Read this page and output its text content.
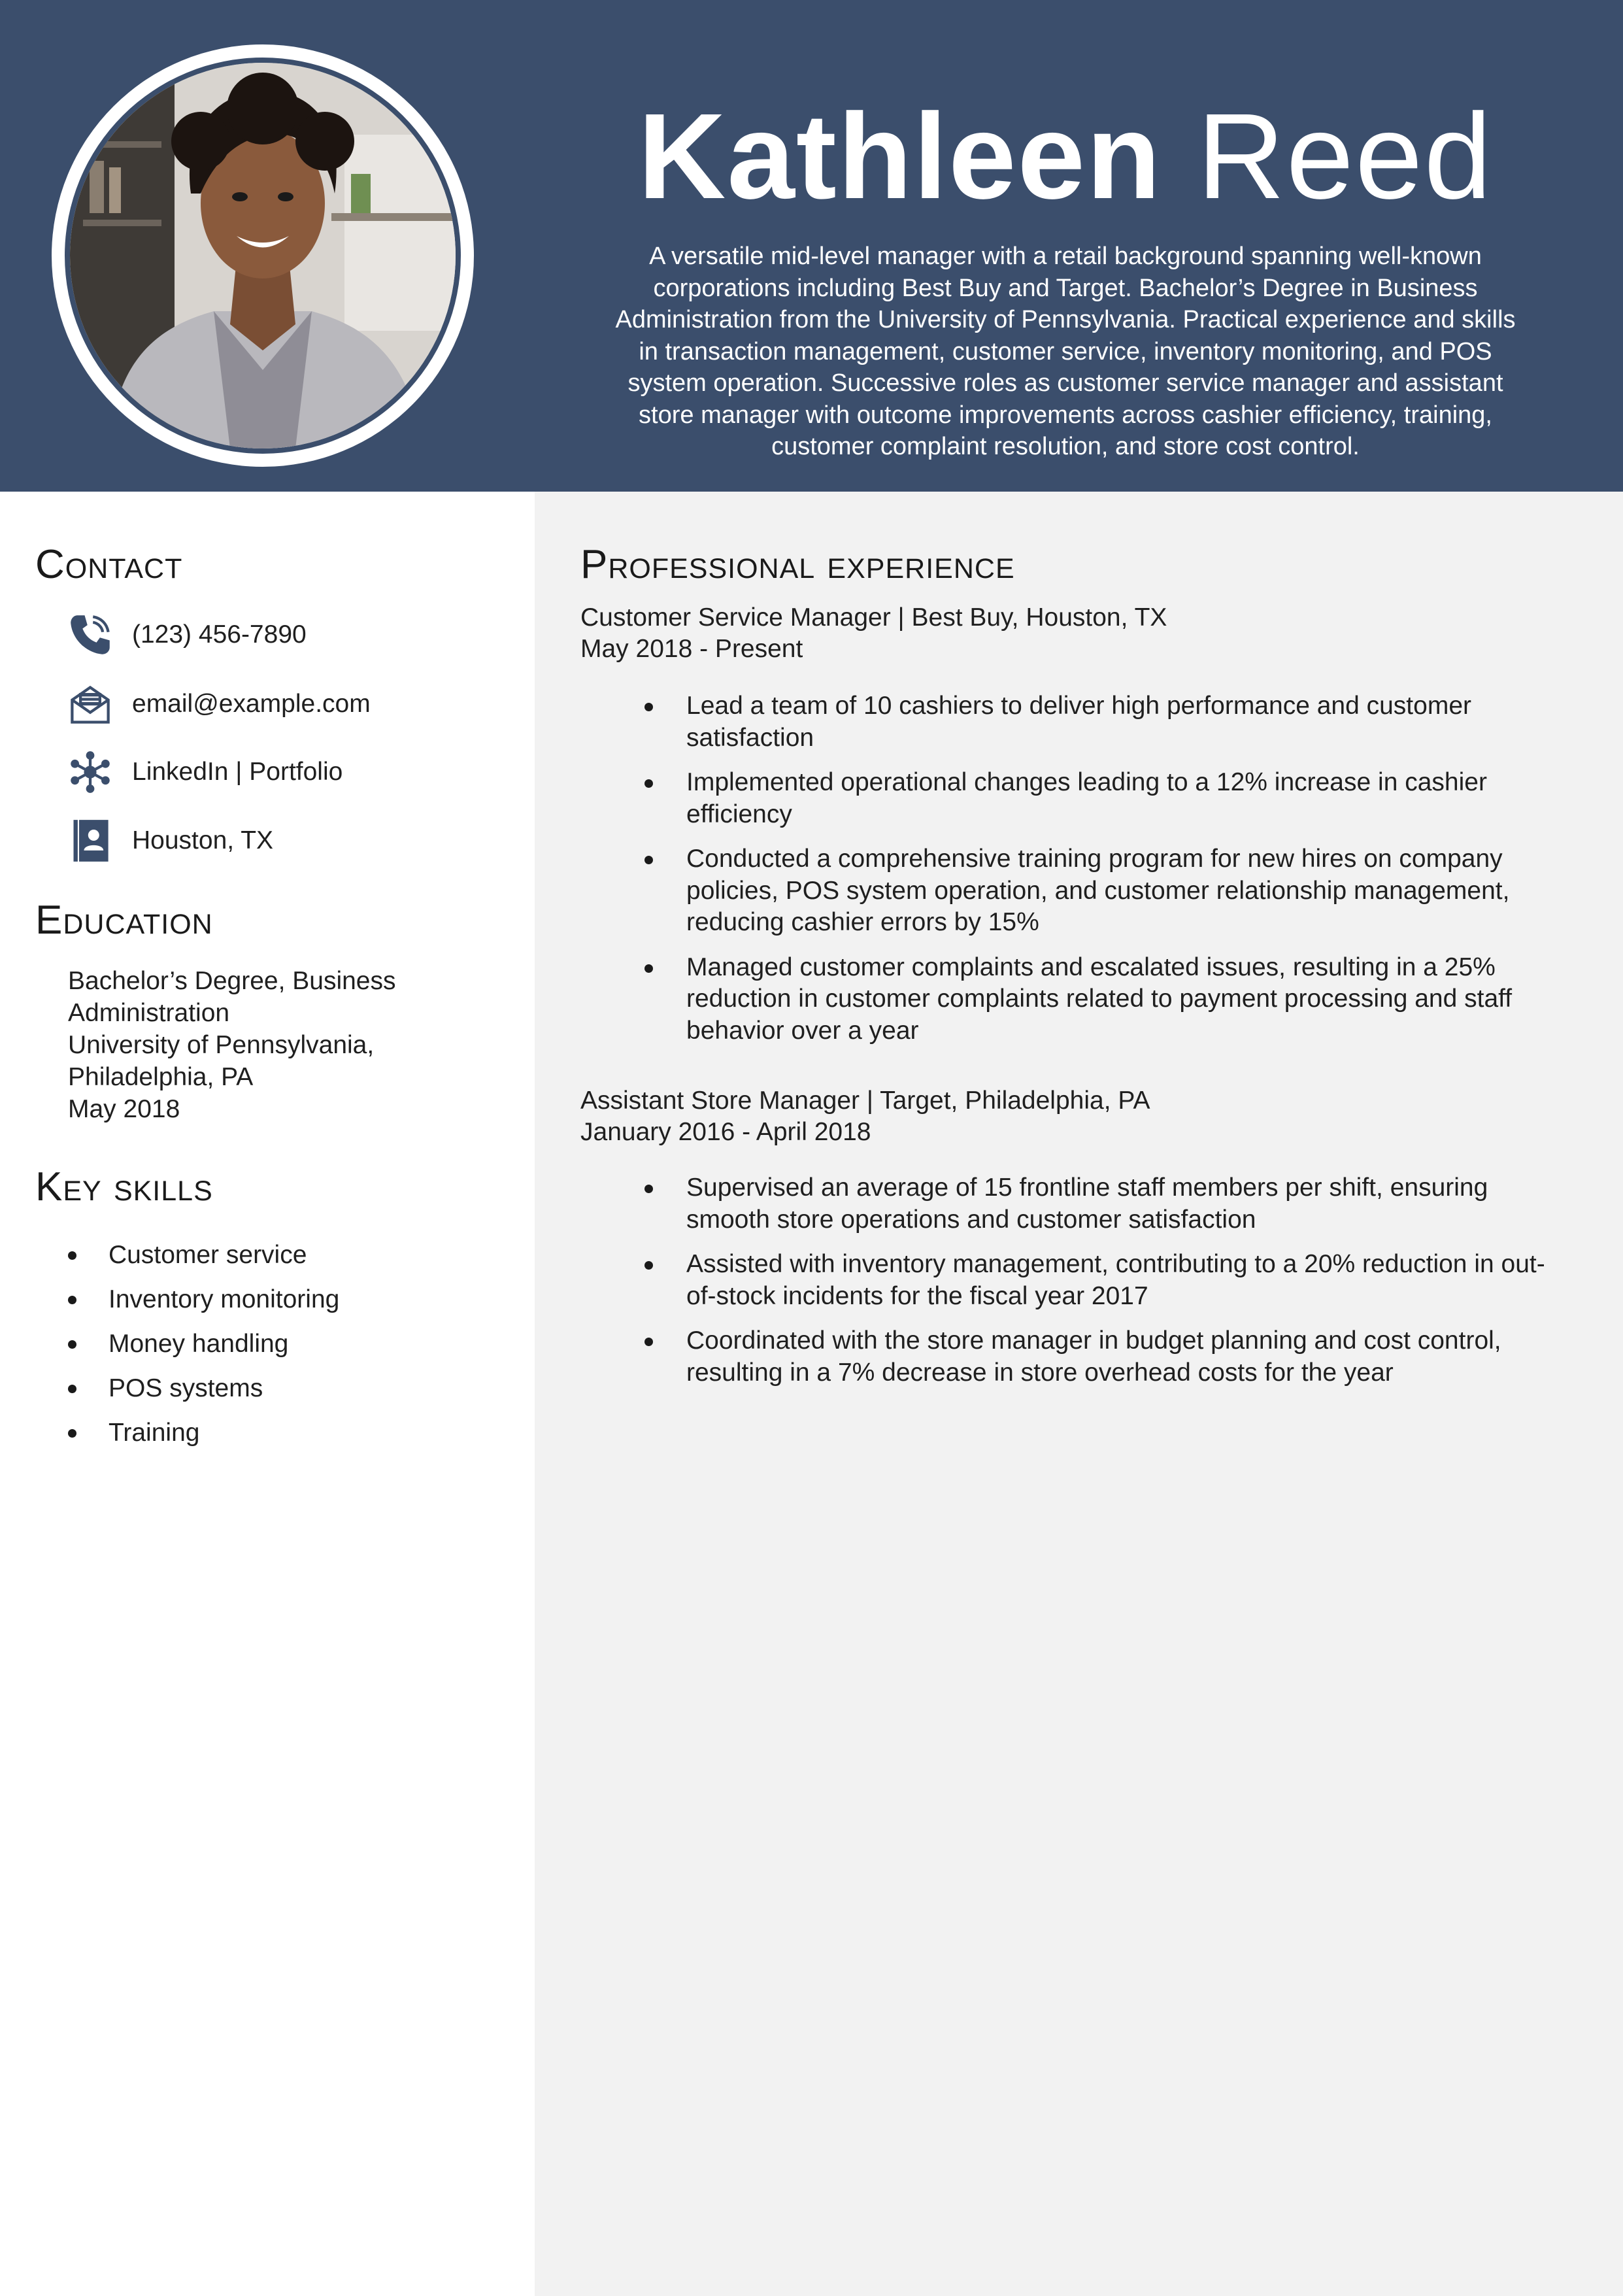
Kathleen Reed
A versatile mid-level manager with a retail background spanning well-known corporations including Best Buy and Target. Bachelor’s Degree in Business Administration from the University of Pennsylvania. Practical experience and skills in transaction management, customer service, inventory monitoring, and POS system operation. Successive roles as customer service manager and assistant store manager with outcome improvements across cashier efficiency, training, customer complaint resolution, and store cost control.
Contact
(123) 456-7890
email@example.com
LinkedIn | Portfolio
Houston, TX
Education
Bachelor’s Degree, Business
Administration
University of Pennsylvania,
Philadelphia, PA
May 2018
Key skills
Customer service
Inventory monitoring
Money handling
POS systems
Training
Professional experience
Customer Service Manager | Best Buy, Houston, TX
May 2018 - Present
Lead a team of 10 cashiers to deliver high performance and customer satisfaction
Implemented operational changes leading to a 12% increase in cashier efficiency
Conducted a comprehensive training program for new hires on company policies, POS system operation, and customer relationship management, reducing cashier errors by 15%
Managed customer complaints and escalated issues, resulting in a 25% reduction in customer complaints related to payment processing and staff behavior over a year
Assistant Store Manager | Target, Philadelphia, PA
January 2016 - April 2018
Supervised an average of 15 frontline staff members per shift, ensuring smooth store operations and customer satisfaction
Assisted with inventory management, contributing to a 20% reduction in out-of-stock incidents for the fiscal year 2017
Coordinated with the store manager in budget planning and cost control, resulting in a 7% decrease in store overhead costs for the year
